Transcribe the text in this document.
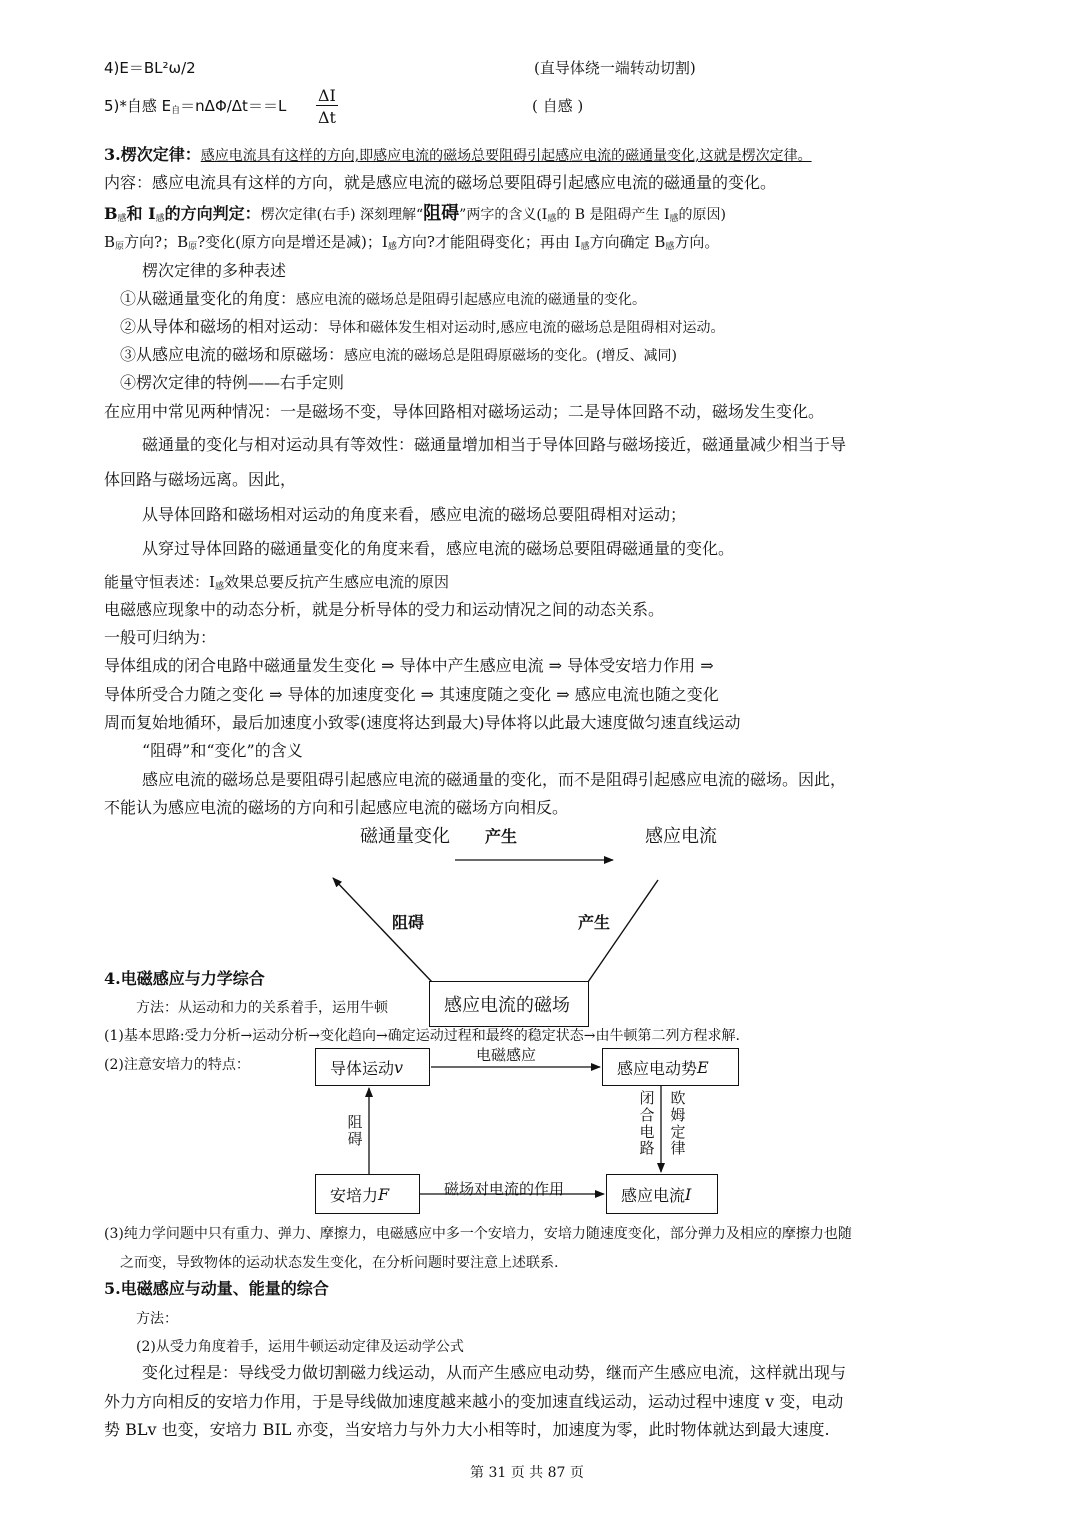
4)E＝BL²ω/2	(直导体绕一端转动切割)
5)*自感 $E_自=n\Delta\Phi/\Delta t==L \frac{\Delta I}{\Delta t}$	( 自感 )
3.楞次定律：感应电流具有这样的方向,即感应电流的磁场总要阻碍引起感应电流的磁通量变化,这就是楞次定律。
内容：感应电流具有这样的方向，就是感应电流的磁场总要阻碍引起感应电流的磁通量的变化。
$B_感$和 $I_感$的方向判定：楞次定律(右手) 深刻理解“阻碍”两字的含义($I_感$的 B 是阻碍产生 $I_感$的原因)
$B_原$方向?；$B_原$?变化(原方向是增还是减)；$I_感$方向?才能阻碍变化；再由 $I_感$方向确定 $B_感$方向。
楞次定律的多种表述
①从磁通量变化的角度：感应电流的磁场总是阻碍引起感应电流的磁通量的变化。
②从导体和磁场的相对运动：导体和磁体发生相对运动时,感应电流的磁场总是阻碍相对运动。
③从感应电流的磁场和原磁场：感应电流的磁场总是阻碍原磁场的变化。(增反、减同)
④楞次定律的特例——右手定则
在应用中常见两种情况：一是磁场不变，导体回路相对磁场运动；二是导体回路不动，磁场发生变化。
磁通量的变化与相对运动具有等效性：磁通量增加相当于导体回路与磁场接近，磁通量减少相当于导
体回路与磁场远离。因此，
从导体回路和磁场相对运动的角度来看，感应电流的磁场总要阻碍相对运动；
从穿过导体回路的磁通量变化的角度来看，感应电流的磁场总要阻碍磁通量的变化。
能量守恒表述：$I_感$效果总要反抗产生感应电流的原因
电磁感应现象中的动态分析，就是分析导体的受力和运动情况之间的动态关系。
一般可归纳为：
导体组成的闭合电路中磁通量发生变化 ⇒ 导体中产生感应电流 ⇒ 导体受安培力作用 ⇒
导体所受合力随之变化 ⇒ 导体的加速度变化 ⇒ 其速度随之变化 ⇒ 感应电流也随之变化
周而复始地循环，最后加速度小致零(速度将达到最大)导体将以此最大速度做匀速直线运动
“阻碍”和“变化”的含义
感应电流的磁场总是要阻碍引起感应电流的磁通量的变化，而不是阻碍引起感应电流的磁场。因此，
不能认为感应电流的磁场的方向和引起感应电流的磁场方向相反。
磁通量变化 产生	感应电流
阻碍	产生
4.电磁感应与力学综合
方法：从运动和力的关系着手，运用牛顿	感应电流的磁场
(1)基本思路:受力分析→运动分析→变化趋向→确定运动过程和最终的稳定状态→由牛顿第二列方程求解.
(2)注意安培力的特点：	导体运动 v	感应电动势 E
安培力 F	感应电流 I
电磁感应
磁场对电流的作用
阻碍
闭合电路
欧姆定律
(3)纯力学问题中只有重力、弹力、摩擦力，电磁感应中多一个安培力，安培力随速度变化，部分弹力及相应的摩擦力也随
之而变，导致物体的运动状态发生变化，在分析问题时要注意上述联系.
5.电磁感应与动量、能量的综合
方法：
(2)从受力角度着手，运用牛顿运动定律及运动学公式
变化过程是：导线受力做切割磁力线运动，从而产生感应电动势，继而产生感应电流，这样就出现与
外力方向相反的安培力作用，于是导线做加速度越来越小的变加速直线运动，运动过程中速度 v 变，电动
势 BLv 也变，安培力 BIL 亦变，当安培力与外力大小相等时，加速度为零，此时物体就达到最大速度.
第 31 页 共 87 页
